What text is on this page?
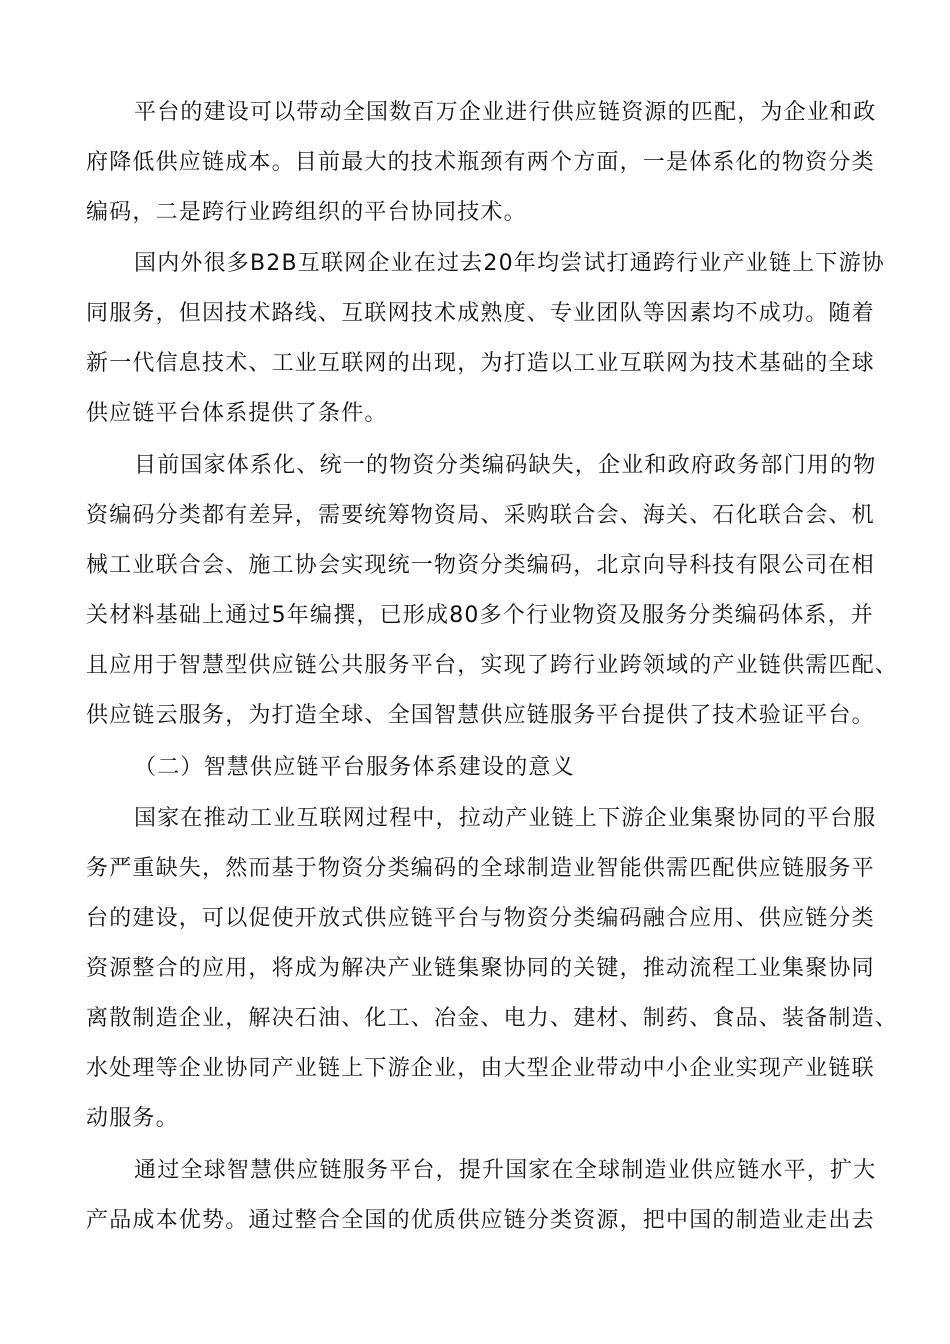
平台的建设可以带动全国数百万企业进行供应链资源的匹配，为企业和政
府降低供应链成本。目前最大的技术瓶颈有两个方面，一是体系化的物资分类
编码，二是跨行业跨组织的平台协同技术。
国内外很多B2B互联网企业在过去20年均尝试打通跨行业产业链上下游协
同服务，但因技术路线、互联网技术成熟度、专业团队等因素均不成功。随着
新一代信息技术、工业互联网的出现，为打造以工业互联网为技术基础的全球
供应链平台体系提供了条件。
目前国家体系化、统一的物资分类编码缺失，企业和政府政务部门用的物
资编码分类都有差异，需要统筹物资局、采购联合会、海关、石化联合会、机
械工业联合会、施工协会实现统一物资分类编码，北京向导科技有限公司在相
关材料基础上通过5年编撰，已形成80多个行业物资及服务分类编码体系，并
且应用于智慧型供应链公共服务平台，实现了跨行业跨领域的产业链供需匹配、
供应链云服务，为打造全球、全国智慧供应链服务平台提供了技术验证平台。
（二）智慧供应链平台服务体系建设的意义
国家在推动工业互联网过程中，拉动产业链上下游企业集聚协同的平台服
务严重缺失，然而基于物资分类编码的全球制造业智能供需匹配供应链服务平
台的建设，可以促使开放式供应链平台与物资分类编码融合应用、供应链分类
资源整合的应用，将成为解决产业链集聚协同的关键，推动流程工业集聚协同
离散制造企业，解决石油、化工、冶金、电力、建材、制药、食品、装备制造、
水处理等企业协同产业链上下游企业，由大型企业带动中小企业实现产业链联
动服务。
通过全球智慧供应链服务平台，提升国家在全球制造业供应链水平，扩大
产品成本优势。通过整合全国的优质供应链分类资源，把中国的制造业走出去
